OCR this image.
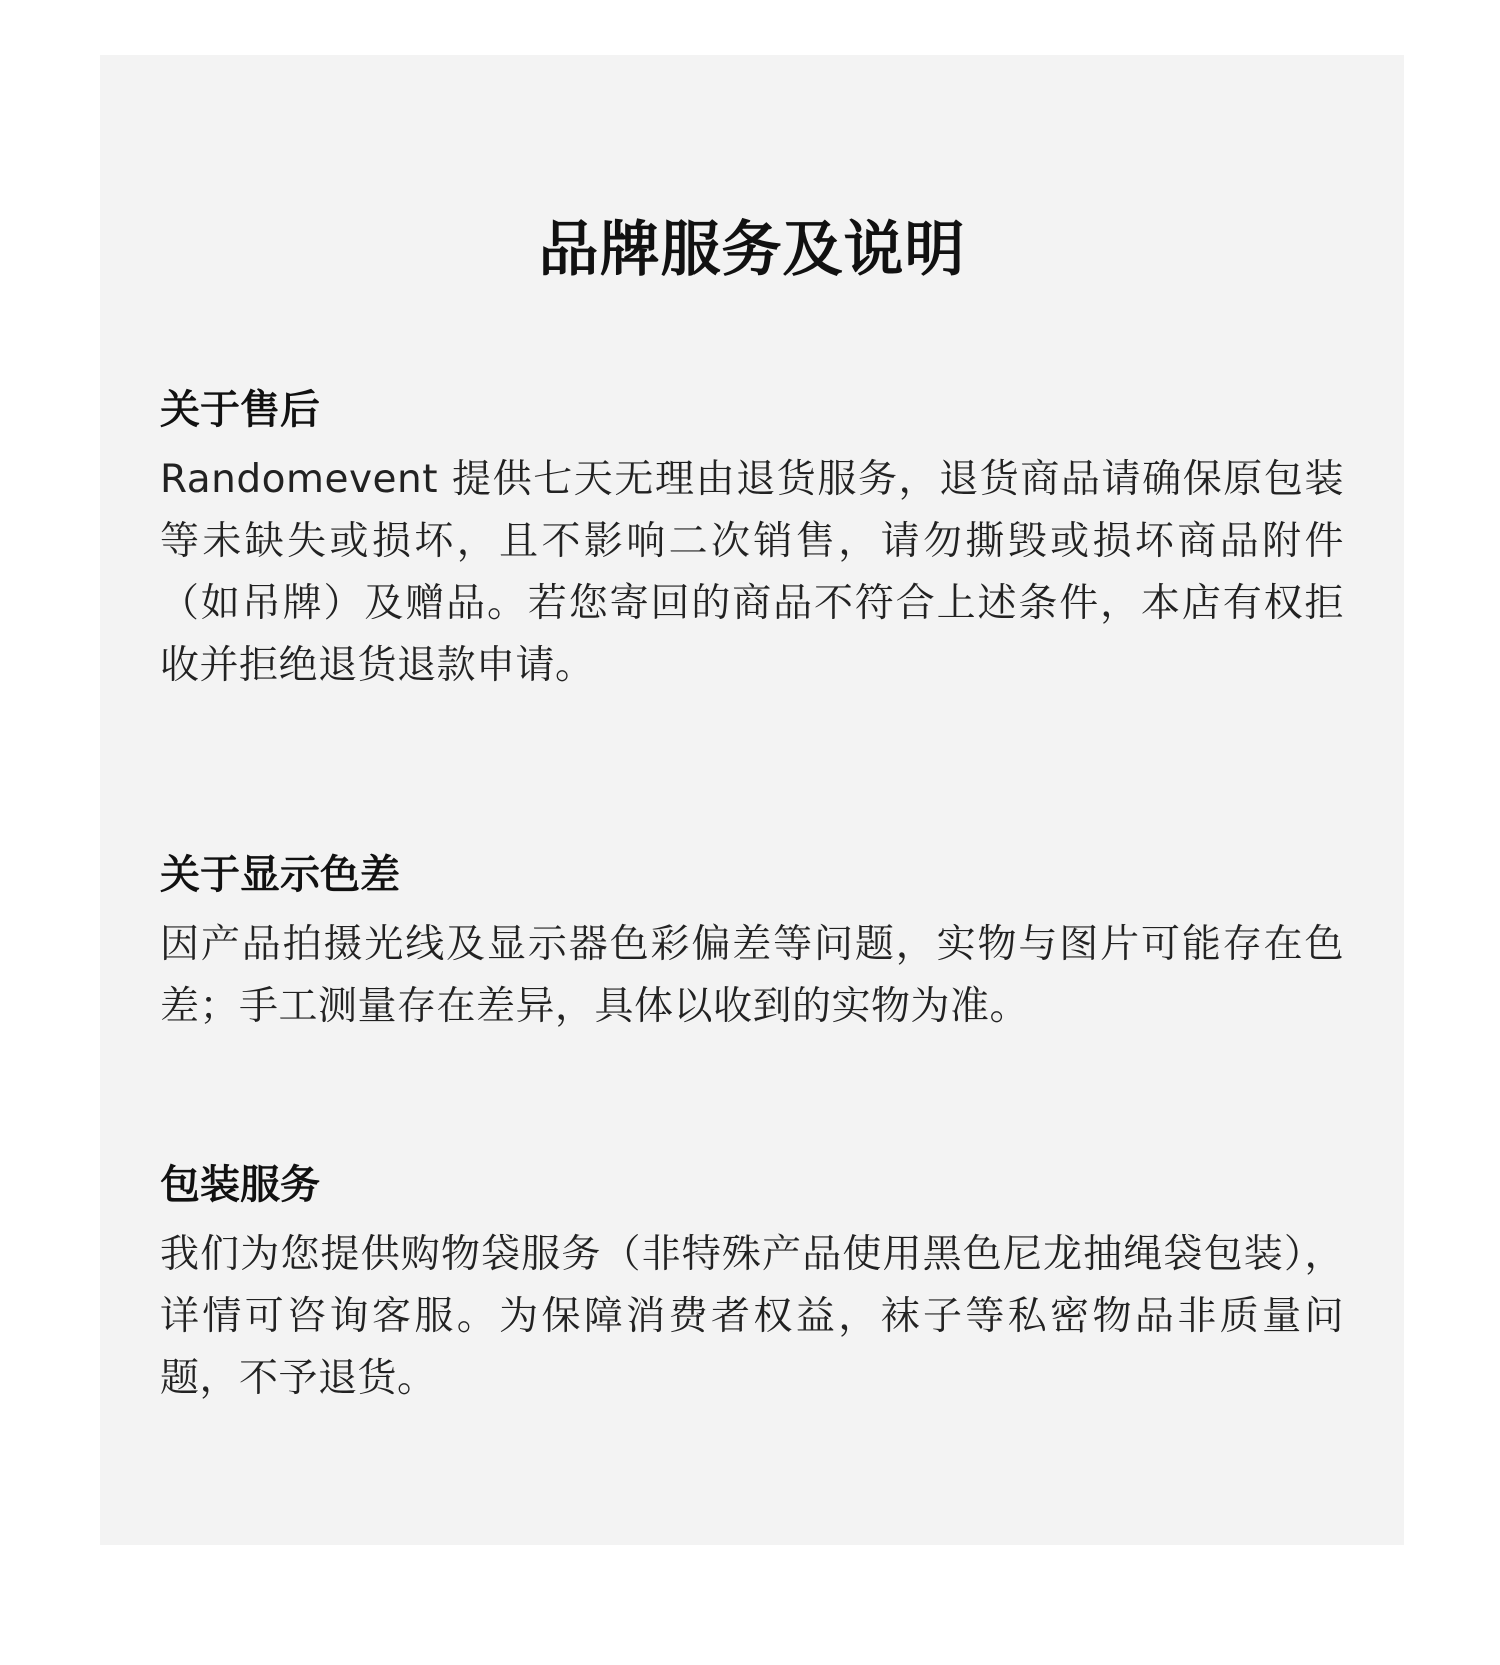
品牌服务及说明
关于售后

Randomevent 提供七天无理由退货服务，退货商品请确保原包装等未缺失或损坏，且不影响二次销售，请勿撕毁或损坏商品附件（如吊牌）及赠品。若您寄回的商品不符合上述条件，本店有权拒收并拒绝退货退款申请。

关于显示色差

因产品拍摄光线及显示器色彩偏差等问题，实物与图片可能存在色差；手工测量存在差异，具体以收到的实物为准。

包装服务

我们为您提供购物袋服务（非特殊产品使用黑色尼龙抽绳袋包装），详情可咨询客服。为保障消费者权益，袜子等私密物品非质量问题，不予退货。
